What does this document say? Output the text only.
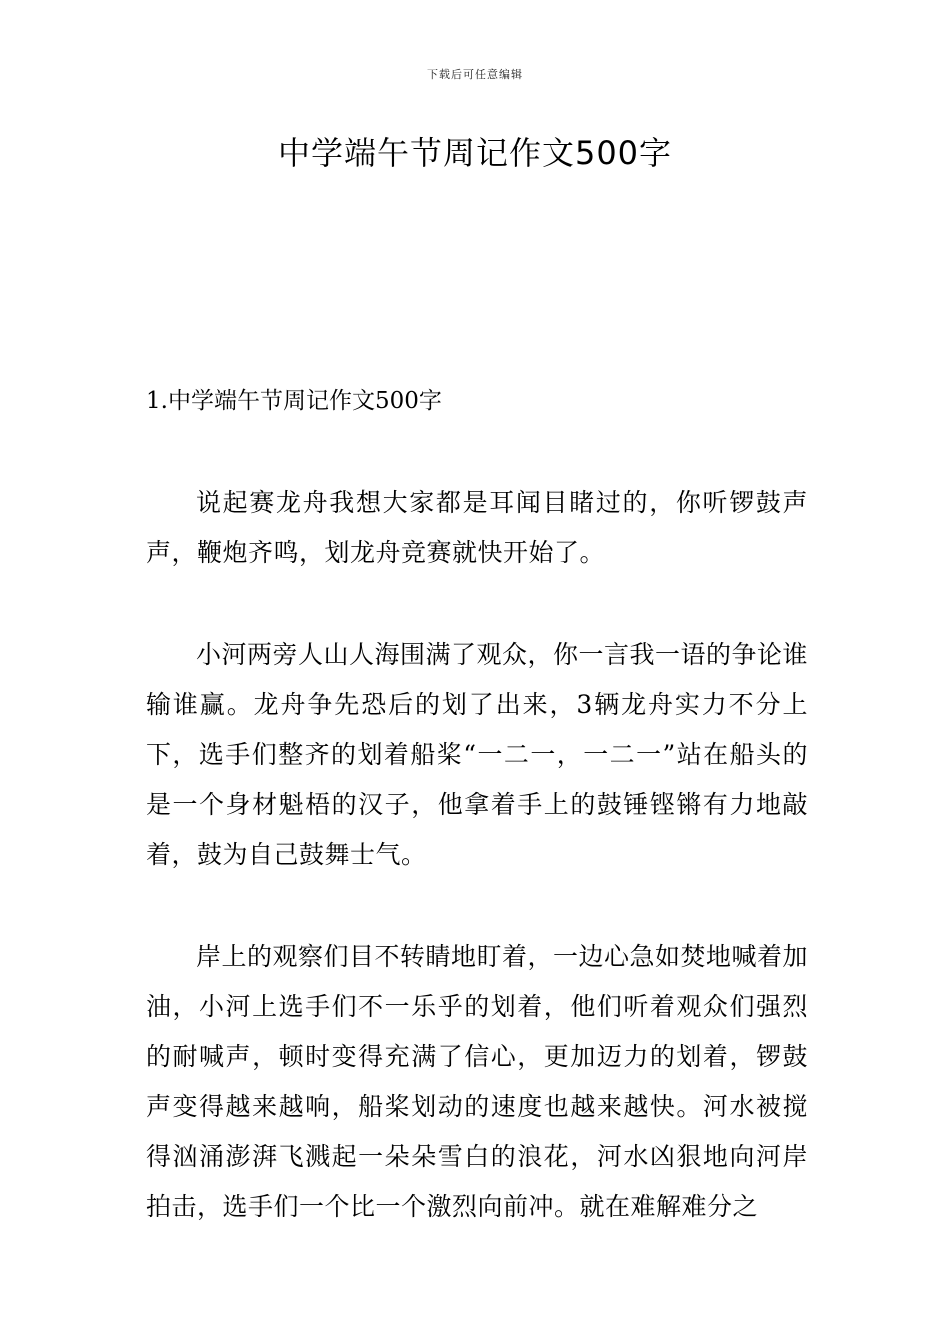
下载后可任意编辑
中学端午节周记作文500字
1.中学端午节周记作文500字

说起赛龙舟我想大家都是耳闻目睹过的，你听锣鼓声声，鞭炮齐鸣，划龙舟竞赛就快开始了。

小河两旁人山人海围满了观众，你一言我一语的争论谁输谁赢。龙舟争先恐后的划了出来，3辆龙舟实力不分上下，选手们整齐的划着船桨“一二一，一二一”站在船头的是一个身材魁梧的汉子，他拿着手上的鼓锤铿锵有力地敲着，鼓为自己鼓舞士气。

岸上的观察们目不转睛地盯着，一边心急如焚地喊着加油，小河上选手们不一乐乎的划着，他们听着观众们强烈的耐喊声，顿时变得充满了信心，更加迈力的划着，锣鼓声变得越来越响，船桨划动的速度也越来越快。河水被搅得汹涌澎湃飞溅起一朵朵雪白的浪花，河水凶狠地向河岸拍击，选手们一个比一个激烈向前冲。就在难解难分之
